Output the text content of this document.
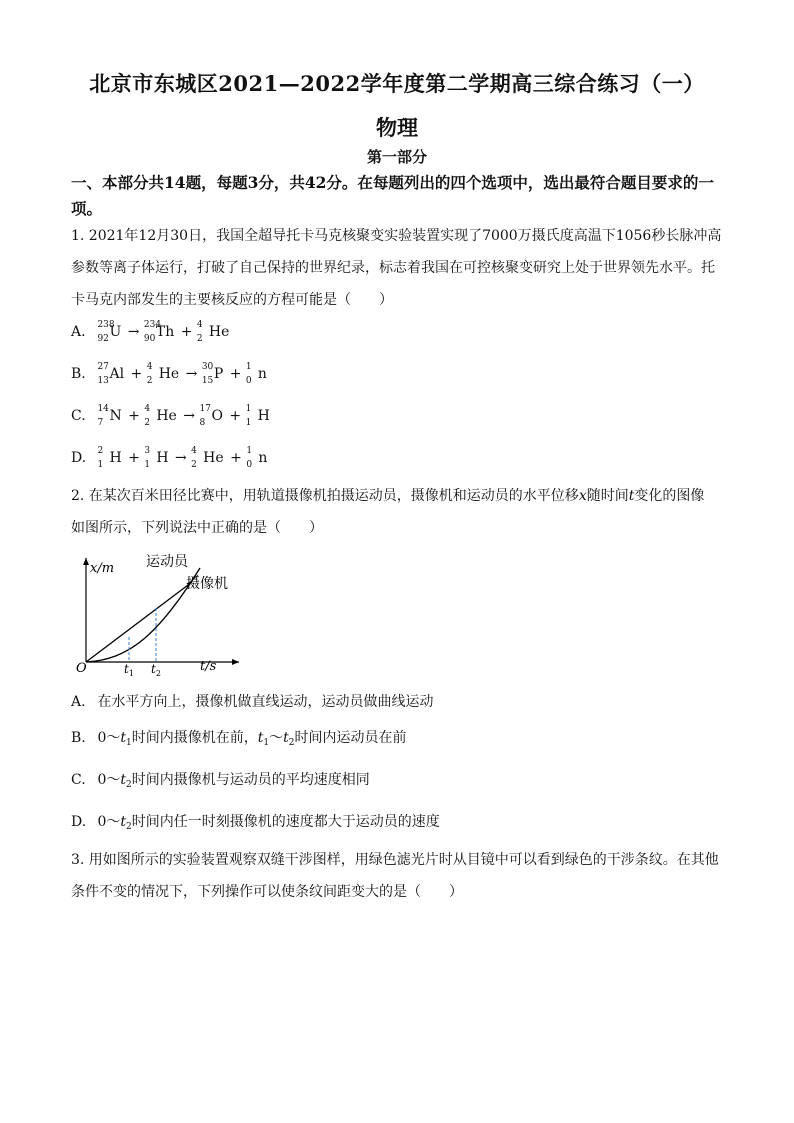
北京市东城区2021—2022学年度第二学期高三综合练习（一）
物理
第一部分
一、本部分共14题，每题3分，共42分。在每题列出的四个选项中，选出最符合题目要求的一项。
1. 2021年12月30日，我国全超导托卡马克核聚变实验装置实现了7000万摄氏度高温下1056秒长脉冲高参数等离子体运行，打破了自己保持的世界纪录，标志着我国在可控核聚变研究上处于世界领先水平。托卡马克内部发生的主要核反应的方程可能是（　　）
A. 238
92 U → 234
90 Th + 4
2 He
B. 27
13 Al + 4
2 He → 30
15 P + 1
0 n
C. 14
7 N + 4
2 He → 17
8 O + 1
1 H
D. 2
1 H + 3
1 H → 4
2 He + 1
0 n
2. 在某次百米田径比赛中，用轨道摄像机拍摄运动员，摄像机和运动员的水平位移x随时间t变化的图像
如图所示，下列说法中正确的是（　　）
x/m
t/s
O	$t_1$ $t_2$
运动员
摄像机
A. 在水平方向上，摄像机做直线运动，运动员做曲线运动
B. $0\sim t_1$时间内摄像机在前，$t_1\sim t_2$时间内运动员在前
C. $0\sim t_2$时间内摄像机与运动员的平均速度相同
D. $0\sim t_2$时间内任一时刻摄像机的速度都大于运动员的速度
3. 用如图所示的实验装置观察双缝干涉图样，用绿色滤光片时从目镜中可以看到绿色的干涉条纹。在其他条件不变的情况下，下列操作可以使条纹间距变大的是（　　）
